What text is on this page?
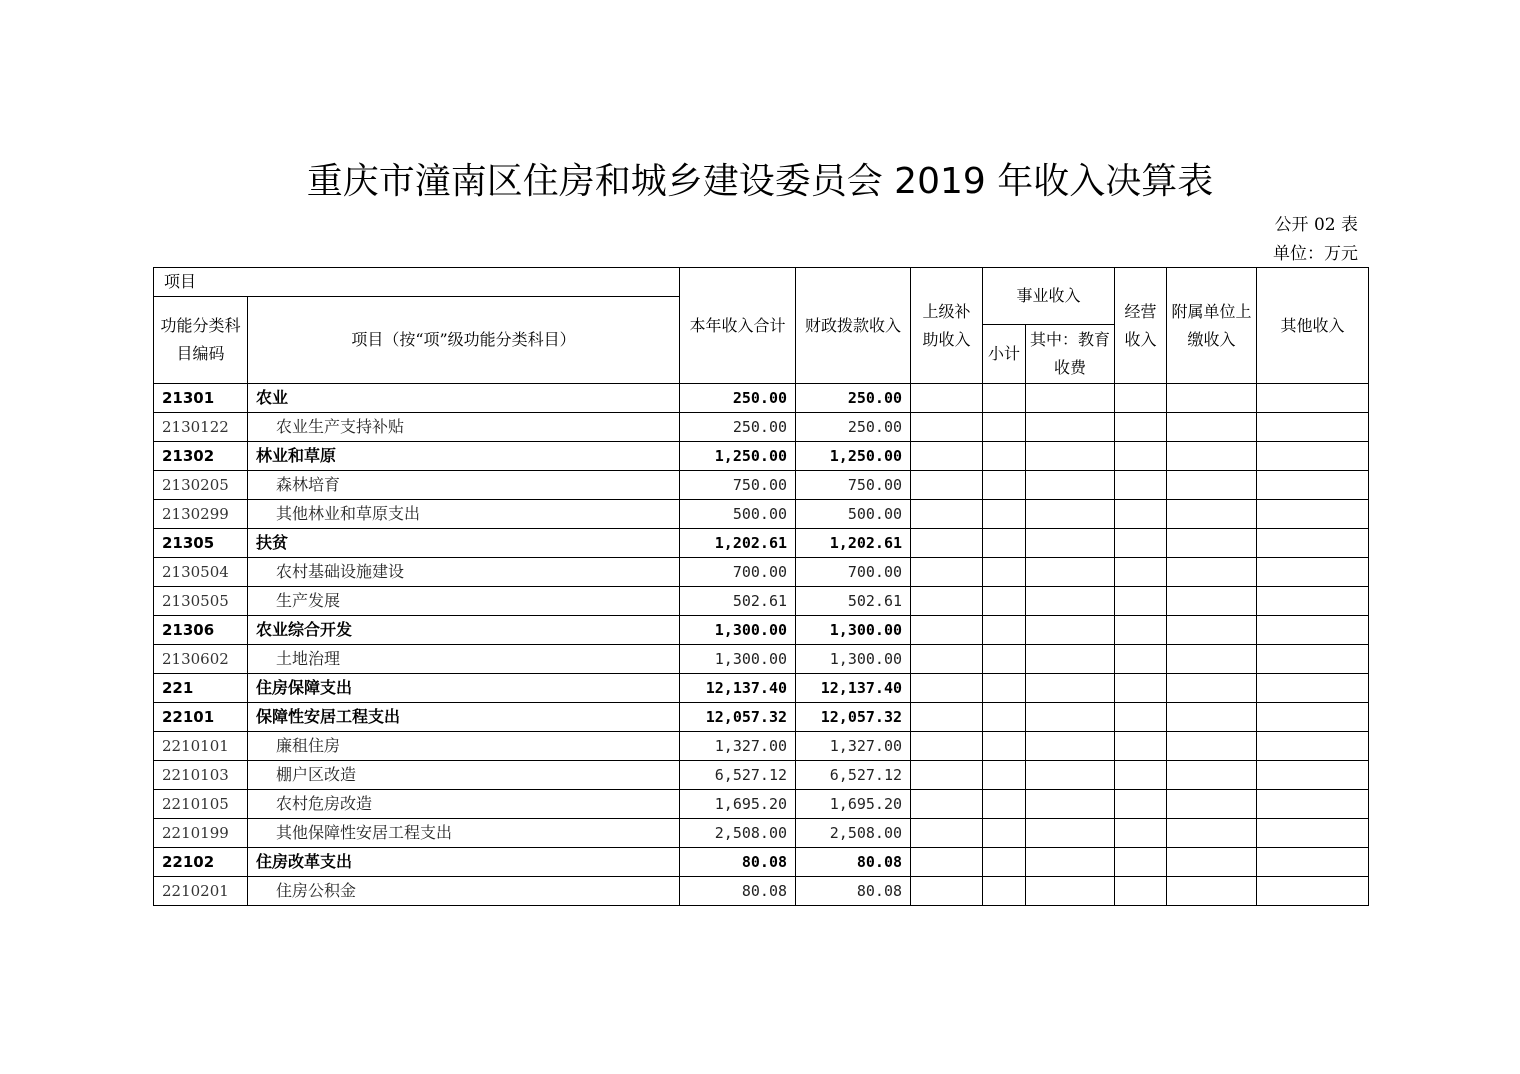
重庆市潼南区住房和城乡建设委员会 2019 年收入决算表
公开 02 表
单位：万元
项目		本年收入合计	财政拨款收入	上级补助收入	事业收入		经营收入	附属单位上缴收入	其他收入
功能分类科目编码	项目（按“项”级功能分类科目）								
					小计	其中：教育收费			
21301	农业	250.00	250.00						
2130122	农业生产支持补贴	250.00	250.00						
21302	林业和草原	1,250.00	1,250.00						
2130205	森林培育	750.00	750.00						
2130299	其他林业和草原支出	500.00	500.00						
21305	扶贫	1,202.61	1,202.61						
2130504	农村基础设施建设	700.00	700.00						
2130505	生产发展	502.61	502.61						
21306	农业综合开发	1,300.00	1,300.00						
2130602	土地治理	1,300.00	1,300.00						
221	住房保障支出	12,137.40	12,137.40						
22101	保障性安居工程支出	12,057.32	12,057.32						
2210101	廉租住房	1,327.00	1,327.00						
2210103	棚户区改造	6,527.12	6,527.12						
2210105	农村危房改造	1,695.20	1,695.20						
2210199	其他保障性安居工程支出	2,508.00	2,508.00						
22102	住房改革支出	80.08	80.08						
2210201	住房公积金	80.08	80.08						
